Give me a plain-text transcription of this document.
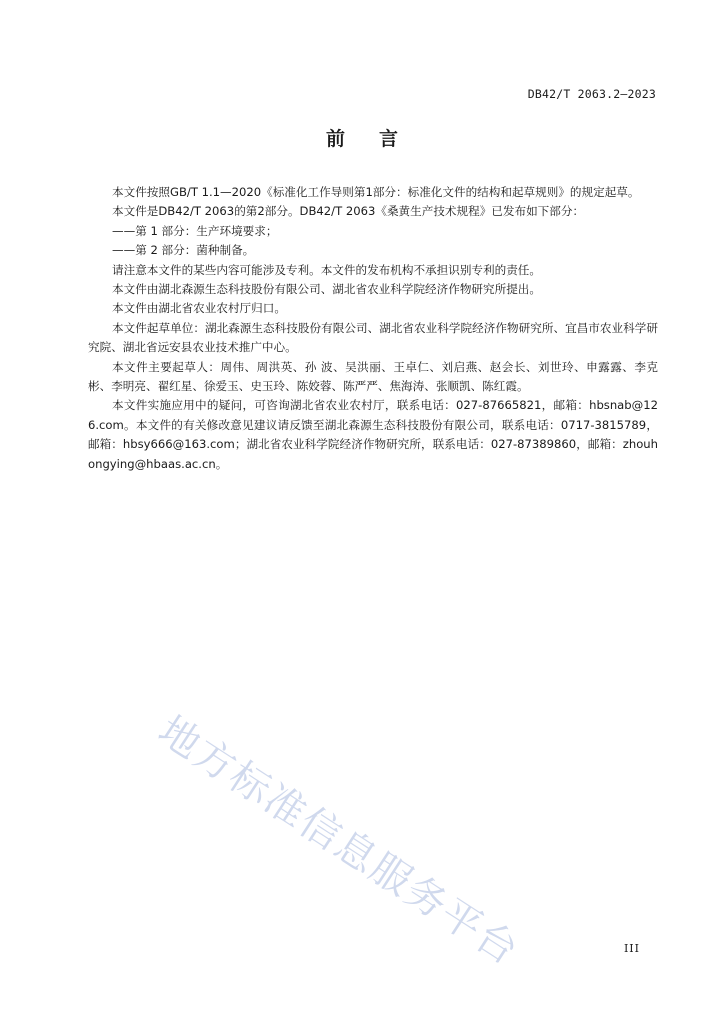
DB42/T 2063.2—2023
前言

本文件按照GB/T 1.1—2020《标准化工作导则第1部分：标准化文件的结构和起草规则》的规定起草。

本文件是DB42/T 2063的第2部分。DB42/T 2063《桑黄生产技术规程》已发布如下部分：

——第 1 部分：生产环境要求；

——第 2 部分：菌种制备。

请注意本文件的某些内容可能涉及专利。本文件的发布机构不承担识别专利的责任。

本文件由湖北森源生态科技股份有限公司、湖北省农业科学院经济作物研究所提出。

本文件由湖北省农业农村厅归口。

本文件起草单位：湖北森源生态科技股份有限公司、湖北省农业科学院经济作物研究所、宜昌市农业科学研究院、湖北省远安县农业技术推广中心。

本文件主要起草人：周伟、周洪英、孙 波、吴洪丽、王卓仁、刘启燕、赵会长、刘世玲、申露露、李克彬、李明亮、翟红星、徐爱玉、史玉玲、陈姣蓉、陈严严、焦海涛、张顺凯、陈红霞。

本文件实施应用中的疑问，可咨询湖北省农业农村厅，联系电话：027-87665821，邮箱：hbsnab@126.com。本文件的有关修改意见建议请反馈至湖北森源生态科技股份有限公司，联系电话：0717-3815789，邮箱：hbsy666@163.com；湖北省农业科学院经济作物研究所，联系电话：027-87389860，邮箱：zhouhongying@hbaas.ac.cn。

地方标准信息服务平台	III
